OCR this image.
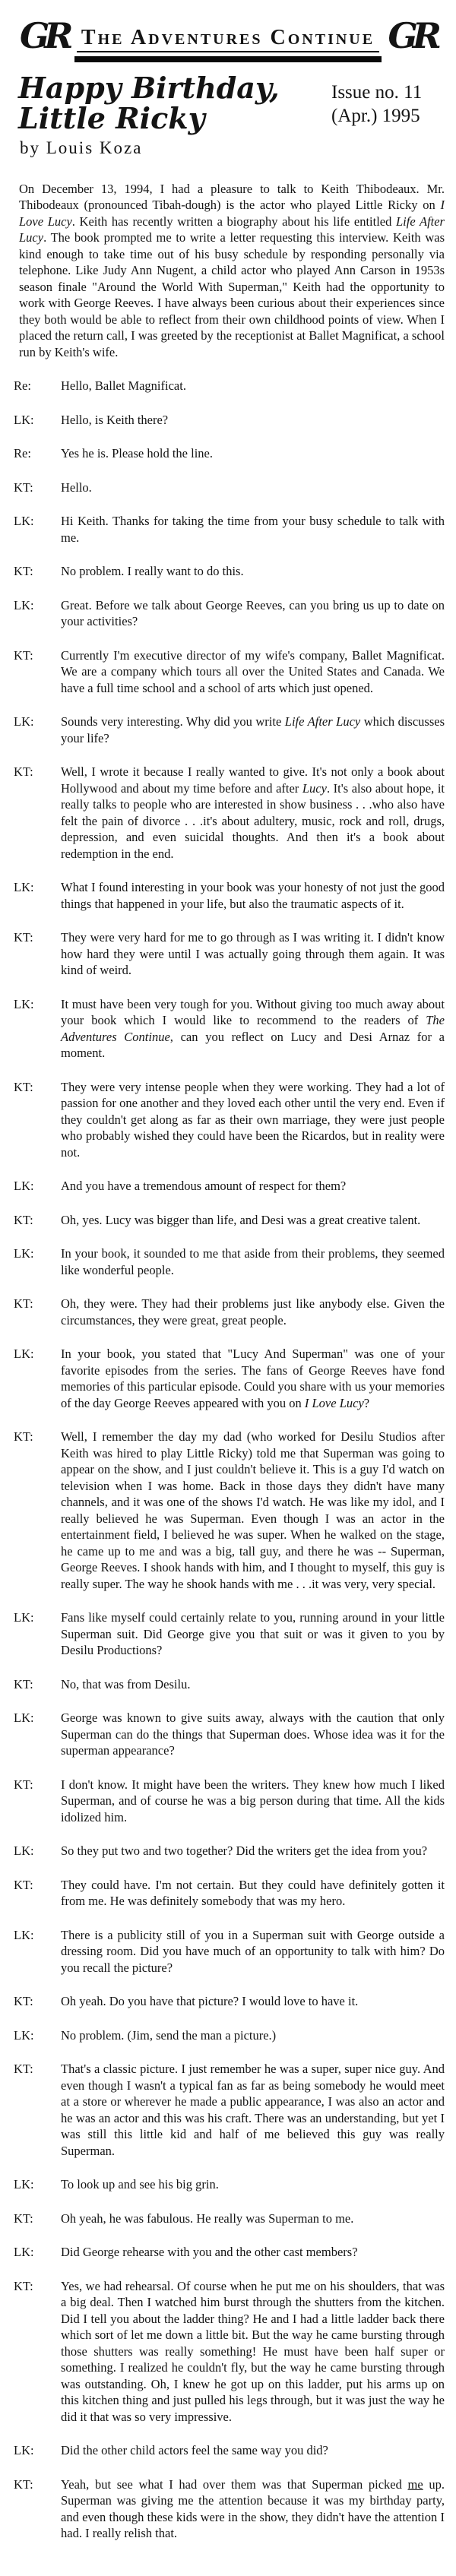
GR The Adventures Continue GR
Happy Birthday, Little Ricky
Issue no. 11
(Apr.) 1995
by Louis Koza

On December 13, 1994, I had a pleasure to talk to Keith Thibodeaux. Mr. Thibodeaux (pronounced Tibah-dough) is the actor who played Little Ricky on I Love Lucy. Keith has recently written a biography about his life entitled Life After Lucy. The book prompted me to write a letter requesting this interview. Keith was kind enough to take time out of his busy schedule by responding personally via telephone. Like Judy Ann Nugent, a child actor who played Ann Carson in 1953s season finale "Around the World With Superman," Keith had the opportunity to work with George Reeves. I have always been curious about their experiences since they both would be able to reflect from their own childhood points of view. When I placed the return call, I was greeted by the receptionist at Ballet Magnificat, a school run by Keith's wife.

Re:	Hello, Ballet Magnificat.
LK:	Hello, is Keith there?
Re:	Yes he is. Please hold the line.
KT:	Hello.
LK:	Hi Keith. Thanks for taking the time from your busy schedule to talk with me.
KT:	No problem. I really want to do this.
LK:	Great. Before we talk about George Reeves, can you bring us up to date on your activities?
KT:	Currently I'm executive director of my wife's company, Ballet Magnificat. We are a company which tours all over the United States and Canada. We have a full time school and a school of arts which just opened.
LK:	Sounds very interesting. Why did you write Life After Lucy which discusses your life?
KT:	Well, I wrote it because I really wanted to give. It's not only a book about Hollywood and about my time before and after Lucy. It's also about hope, it really talks to people who are interested in show business . . .who also have felt the pain of divorce . . .it's about adultery, music, rock and roll, drugs, depression, and even suicidal thoughts. And then it's a book about redemption in the end.
LK:	What I found interesting in your book was your honesty of not just the good things that happened in your life, but also the traumatic aspects of it.
KT:	They were very hard for me to go through as I was writing it. I didn't know how hard they were until I was actually going through them again. It was kind of weird.
LK:	It must have been very tough for you. Without giving too much away about your book which I would like to recommend to the readers of The Adventures Continue, can you reflect on Lucy and Desi Arnaz for a moment.
KT:	They were very intense people when they were working. They had a lot of passion for one another and they loved each other until the very end. Even if they couldn't get along as far as their own marriage, they were just people who probably wished they could have been the Ricardos, but in reality were not.
LK:	And you have a tremendous amount of respect for them?
KT:	Oh, yes. Lucy was bigger than life, and Desi was a great creative talent.
LK:	In your book, it sounded to me that aside from their problems, they seemed like wonderful people.
KT:	Oh, they were. They had their problems just like anybody else. Given the circumstances, they were great, great people.
LK:	In your book, you stated that "Lucy And Superman" was one of your favorite episodes from the series. The fans of George Reeves have fond memories of this particular episode. Could you share with us your memories of the day George Reeves appeared with you on I Love Lucy?
KT:	Well, I remember the day my dad (who worked for Desilu Studios after Keith was hired to play Little Ricky) told me that Superman was going to appear on the show, and I just couldn't believe it. This is a guy I'd watch on television when I was home. Back in those days they didn't have many channels, and it was one of the shows I'd watch. He was like my idol, and I really believed he was Superman. Even though I was an actor in the entertainment field, I believed he was super. When he walked on the stage, he came up to me and was a big, tall guy, and there he was -- Superman, George Reeves. I shook hands with him, and I thought to myself, this guy is really super. The way he shook hands with me . . .it was very, very special.
LK:	Fans like myself could certainly relate to you, running around in your little Superman suit. Did George give you that suit or was it given to you by Desilu Productions?
KT:	No, that was from Desilu.
LK:	George was known to give suits away, always with the caution that only Superman can do the things that Superman does. Whose idea was it for the superman appearance?
KT:	I don't know. It might have been the writers. They knew how much I liked Superman, and of course he was a big person during that time. All the kids idolized him.
LK:	So they put two and two together? Did the writers get the idea from you?
KT:	They could have. I'm not certain. But they could have definitely gotten it from me. He was definitely somebody that was my hero.
LK:	There is a publicity still of you in a Superman suit with George outside a dressing room. Did you have much of an opportunity to talk with him? Do you recall the picture?
KT:	Oh yeah. Do you have that picture? I would love to have it.
LK:	No problem. (Jim, send the man a picture.)
KT:	That's a classic picture. I just remember he was a super, super nice guy. And even though I wasn't a typical fan as far as being somebody he would meet at a store or wherever he made a public appearance, I was also an actor and he was an actor and this was his craft. There was an understanding, but yet I was still this little kid and half of me believed this guy was really Superman.
LK:	To look up and see his big grin.
KT:	Oh yeah, he was fabulous. He really was Superman to me.
LK:	Did George rehearse with you and the other cast members?
KT:	Yes, we had rehearsal. Of course when he put me on his shoulders, that was a big deal. Then I watched him burst through the shutters from the kitchen. Did I tell you about the ladder thing? He and I had a little ladder back there which sort of let me down a little bit. But the way he came bursting through those shutters was really something! He must have been half super or something. I realized he couldn't fly, but the way he came bursting through was outstanding. Oh, I knew he got up on this ladder, put his arms up on this kitchen thing and just pulled his legs through, but it was just the way he did it that was so very impressive.
LK:	Did the other child actors feel the same way you did?
KT:	Yeah, but see what I had over them was that Superman picked me up. Superman was giving me the attention because it was my birthday party, and even though these kids were in the show, they didn't have the attention I had. I really relish that.
